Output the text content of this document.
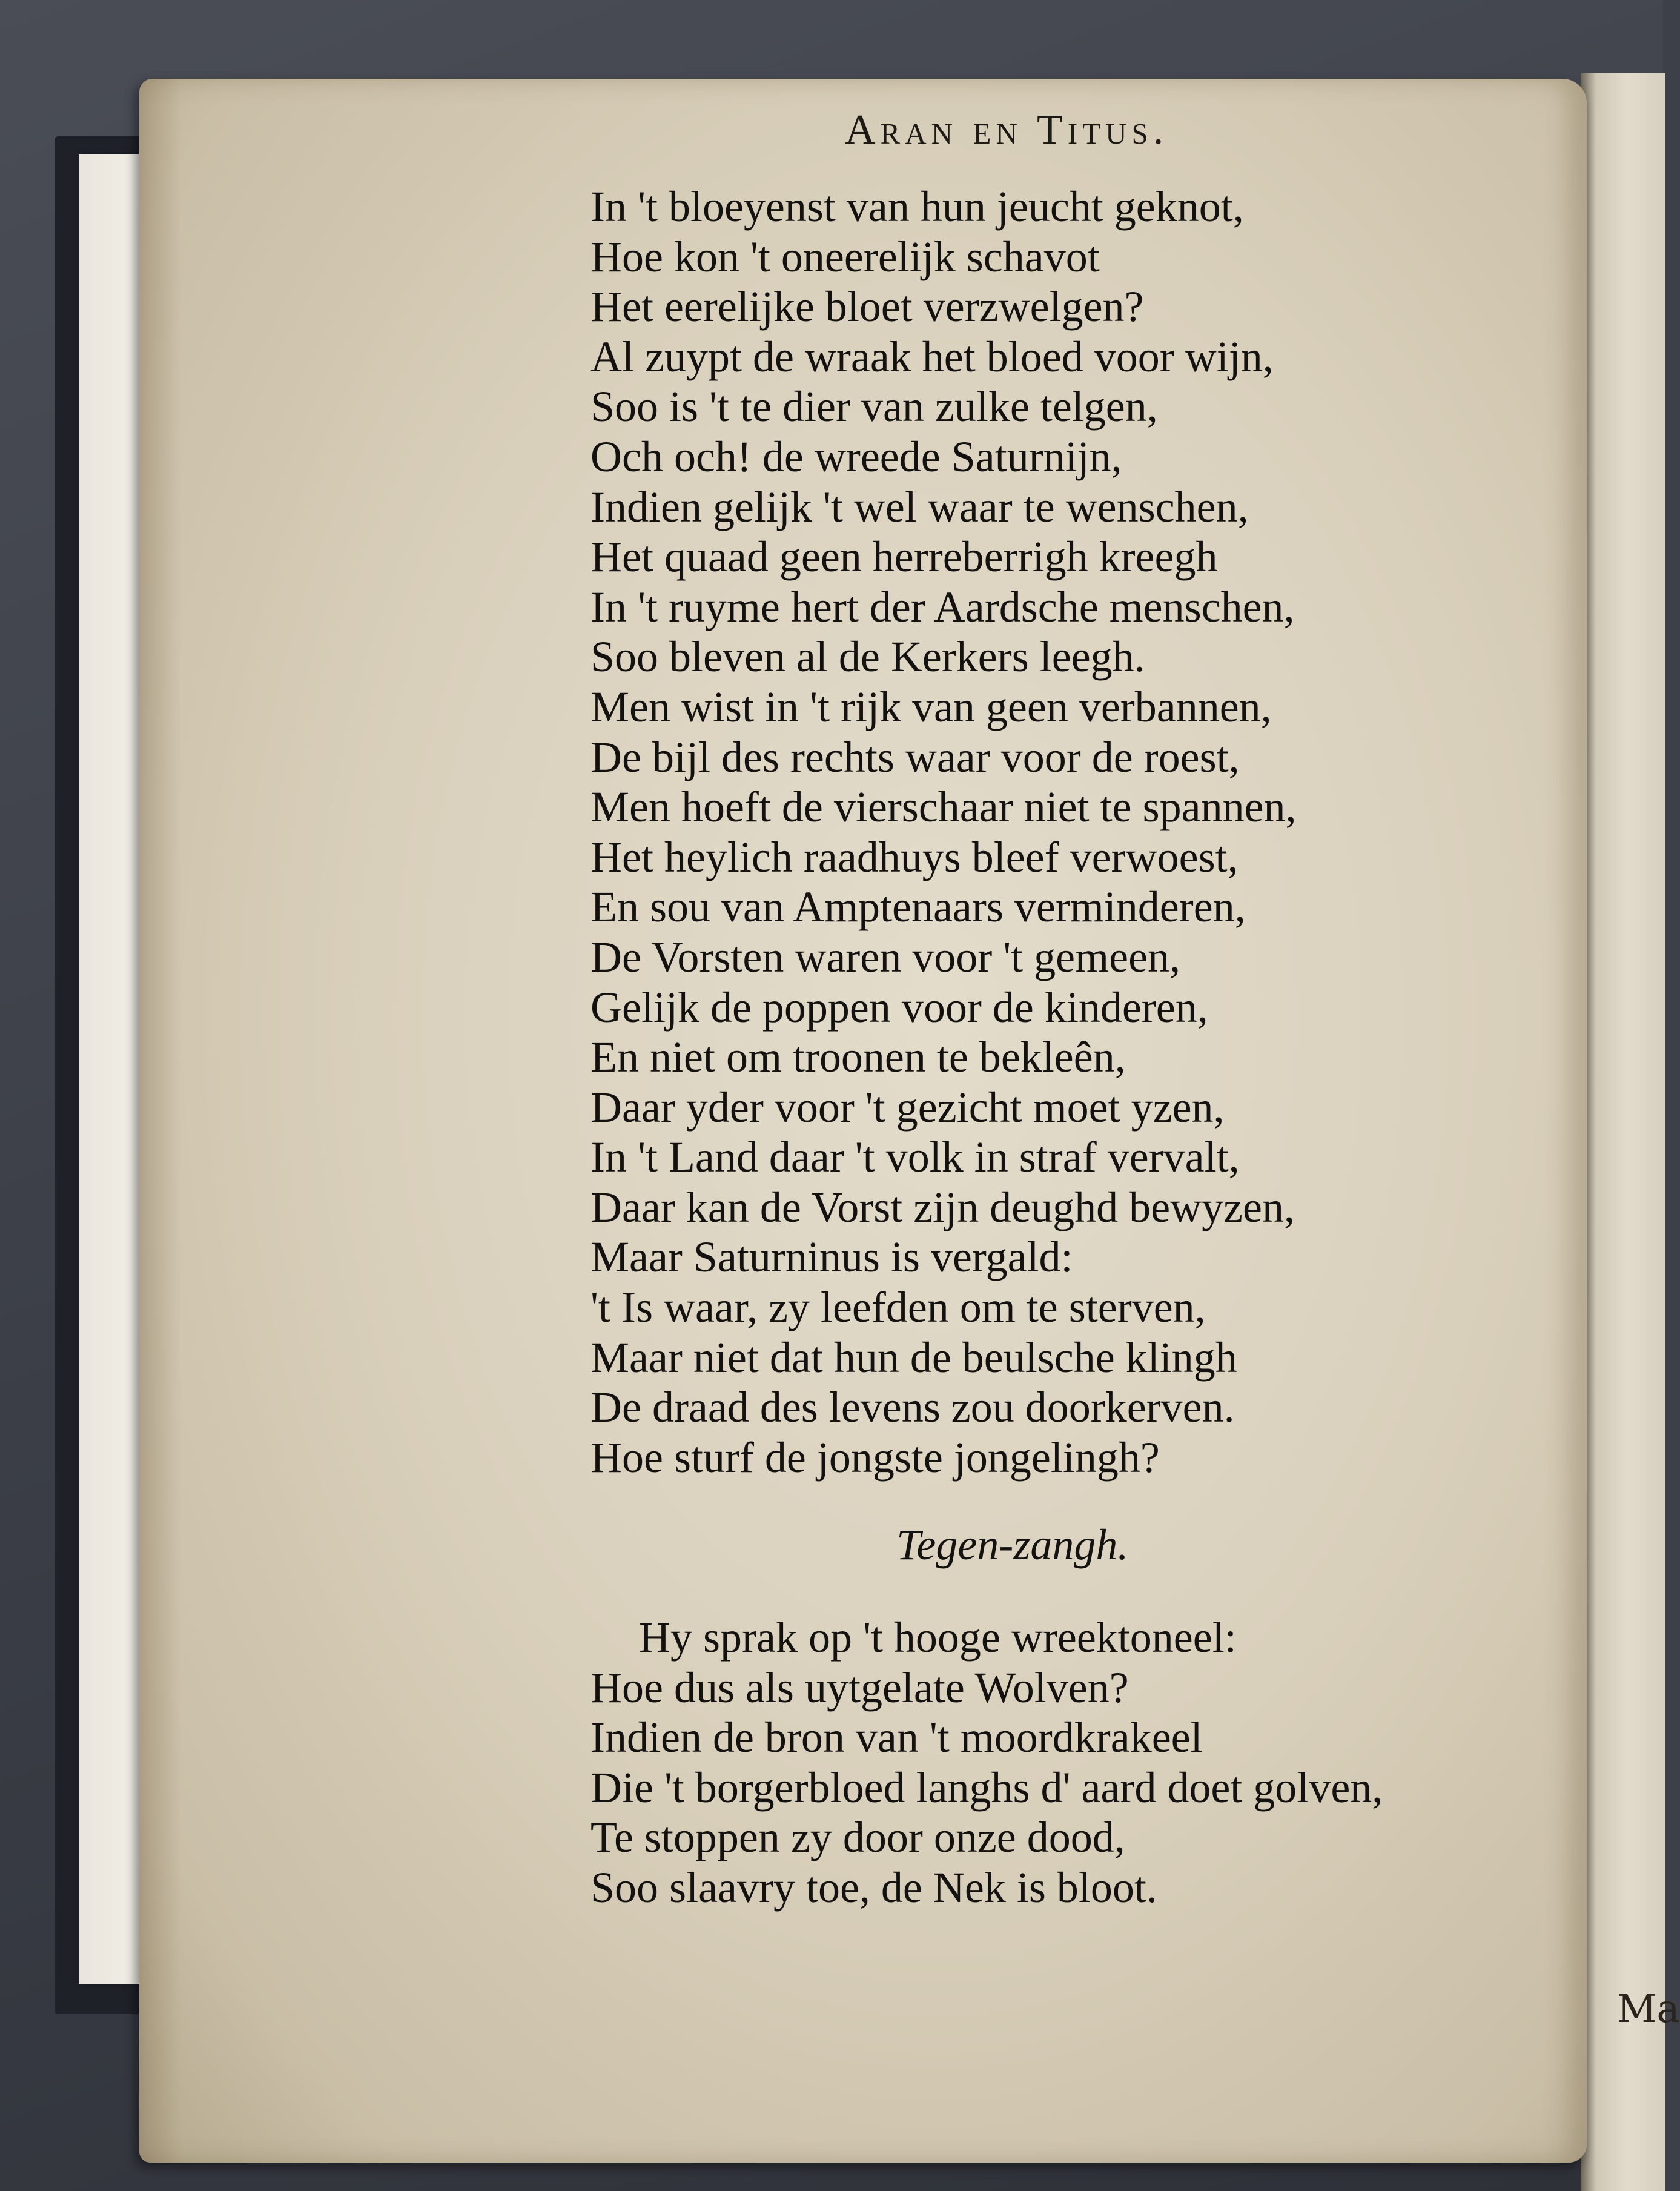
Ma
Aran en Titus.
In 't bloeyenst van hun jeucht geknot,
Hoe kon 't oneerelijk schavot
Het eerelijke bloet verzwelgen?
Al zuypt de wraak het bloed voor wijn,
Soo is 't te dier van zulke telgen,
Och och! de wreede Saturnijn,
Indien gelijk 't wel waar te wenschen,
Het quaad geen herreberrigh kreegh
In 't ruyme hert der Aardsche menschen,
Soo bleven al de Kerkers leegh.
Men wist in 't rijk van geen verbannen,
De bijl des rechts waar voor de roest,
Men hoeft de vierschaar niet te spannen,
Het heylich raadhuys bleef verwoest,
En sou van Amptenaars verminderen,
De Vorsten waren voor 't gemeen,
Gelijk de poppen voor de kinderen,
En niet om troonen te bekleên,
Daar yder voor 't gezicht moet yzen,
In 't Land daar 't volk in straf vervalt,
Daar kan de Vorst zijn deughd bewyzen,
Maar Saturninus is vergald:
't Is waar, zy leefden om te sterven,
Maar niet dat hun de beulsche klingh
De draad des levens zou doorkerven.
Hoe sturf de jongste jongelingh?
Tegen-zangh.
Hy sprak op 't hooge wreektoneel:
Hoe dus als uytgelate Wolven?
Indien de bron van 't moordkrakeel
Die 't borgerbloed langhs d' aard doet golven,
Te stoppen zy door onze dood,
Soo slaavry toe, de Nek is bloot.
